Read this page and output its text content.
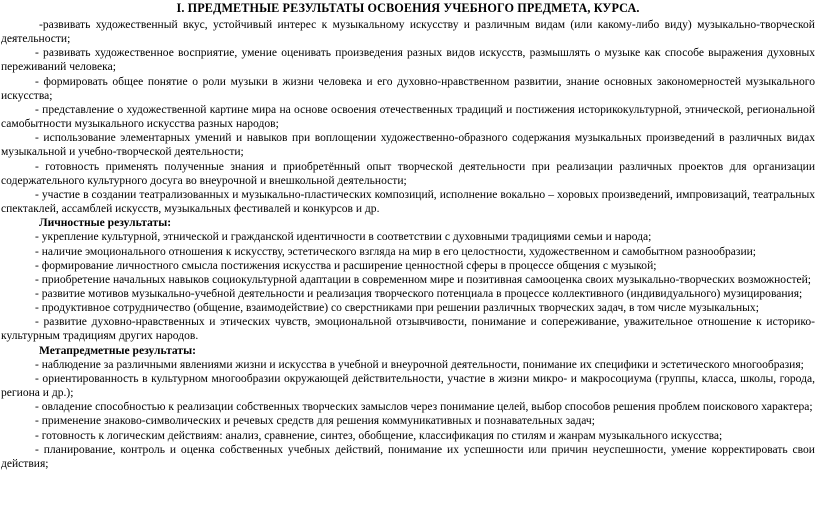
I. ПРЕДМЕТНЫЕ РЕЗУЛЬТАТЫ ОСВОЕНИЯ УЧЕБНОГО ПРЕДМЕТА, КУРСА.

-развивать художественный вкус, устойчивый интерес к музыкальному искусству и различным видам (или какому-либо виду) музыкально-творческой деятельности;

- развивать художественное восприятие, умение оценивать произведения разных видов искусств, размышлять о музыке как способе выражения духовных переживаний человека;

- формировать общее понятие о роли музыки в жизни человека и его духовно-нравственном развитии, знание основных закономерностей музыкального искусства;

- представление о художественной картине мира на основе освоения отечественных традиций и постижения историкокультурной, этнической, региональной самобытности музыкального искусства разных народов;

- использование элементарных умений и навыков при воплощении художественно-образного содержания музыкальных произведений в различных видах музыкальной и учебно-творческой деятельности;

- готовность применять полученные знания и приобретённый опыт творческой деятельности при реализации различных проектов для организации содержательного культурного досуга во внеурочной и внешкольной деятельности;

- участие в создании театрализованных и музыкально-пластических композиций, исполнение вокально – хоровых произведений, импровизаций, театральных спектаклей, ассамблей искусств, музыкальных фестивалей и конкурсов и др.

Личностные результаты:

- укрепление культурной, этнической и гражданской идентичности в соответствии с духовными традициями семьи и народа;

- наличие эмоционального отношения к искусству, эстетического взгляда на мир в его целостности, художественном и самобытном разнообразии;

- формирование личностного смысла постижения искусства и расширение ценностной сферы в процессе общения с музыкой;

- приобретение начальных навыков социокультурной адаптации в современном мире и позитивная самооценка своих музыкально-творческих возможностей;

- развитие мотивов музыкально-учебной деятельности и реализация творческого потенциала в процессе коллективного (индивидуального) музицирования;

- продуктивное сотрудничество (общение, взаимодействие) со сверстниками при решении различных творческих задач, в том числе музыкальных;

- развитие духовно-нравственных и этических чувств, эмоциональной отзывчивости, понимание и сопереживание, уважительное отношение к историко-культурным традициям других народов.

Метапредметные результаты:

- наблюдение за различными явлениями жизни и искусства в учебной и внеурочной деятельности, понимание их специфики и эстетического многообразия;

- ориентированность в культурном многообразии окружающей действительности, участие в жизни микро- и макросоциума (группы, класса, школы, города, региона и др.);

- овладение способностью к реализации собственных творческих замыслов через понимание целей, выбор способов решения проблем поискового характера;

- применение знаково-символических и речевых средств для решения коммуникативных и познавательных задач;

- готовность к логическим действиям: анализ, сравнение, синтез, обобщение, классификация по стилям и жанрам музыкального искусства;

- планирование, контроль и оценка собственных учебных действий, понимание их успешности или причин неуспешности, умение корректировать свои действия;
